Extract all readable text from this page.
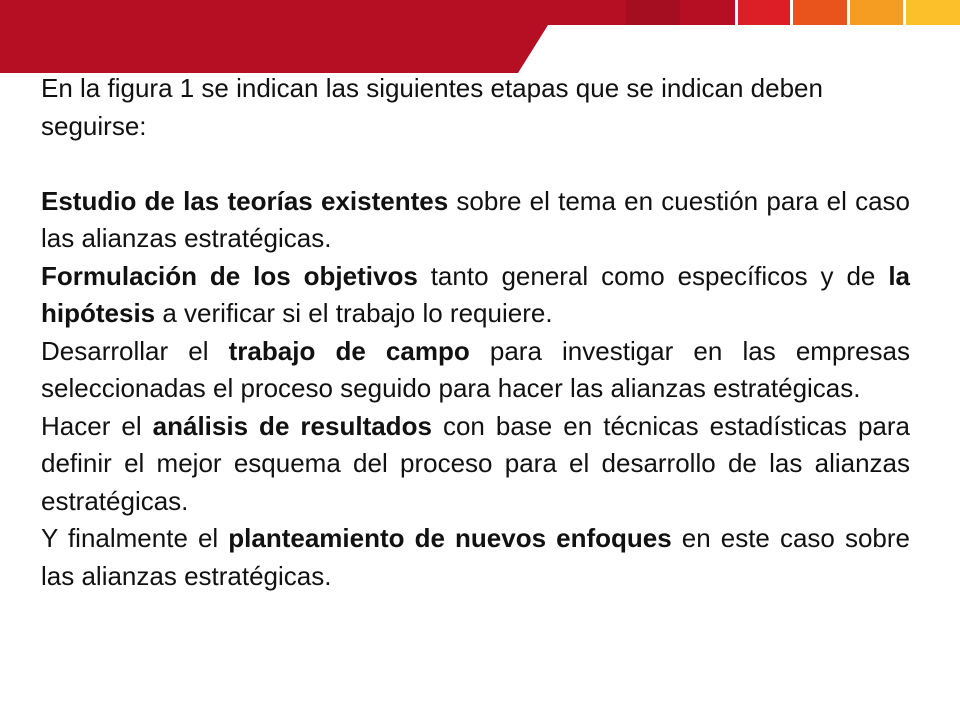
En la figura 1 se indican las siguientes etapas que se indican deben seguirse:

Estudio de las teorías existentes sobre el tema en cuestión para el caso las alianzas estratégicas.

Formulación de los objetivos tanto general como específicos y de la hipótesis a verificar si el trabajo lo requiere.

Desarrollar el trabajo de campo para investigar en las empresas seleccionadas el proceso seguido para hacer las alianzas estratégicas.

Hacer el análisis de resultados con base en técnicas estadísticas para definir el mejor esquema del proceso para el desarrollo de las alianzas estratégicas.

Y finalmente el planteamiento de nuevos enfoques en este caso sobre las alianzas estratégicas.
